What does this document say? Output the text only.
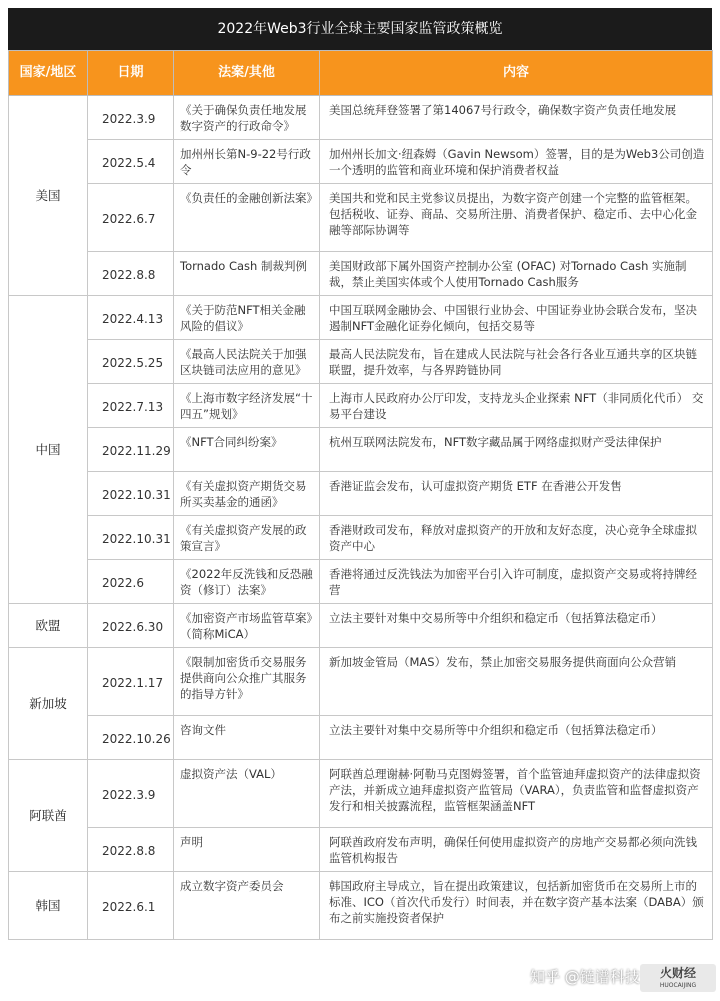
2022年Web3行业全球主要国家监管政策概览
国家/地区	日期	法案/其他	内容
美国	2022.3.9	《关于确保负责任地发展数字资产的行政命令》	美国总统拜登签署了第14067号行政令，确保数字资产负责任地发展
	2022.5.4	加州州长第N-9-22号行政令	加州州长加文·纽森姆（Gavin Newsom）签署，目的是为Web3公司创造一个透明的监管和商业环境和保护消费者权益
	2022.6.7	《负责任的金融创新法案》	美国共和党和民主党参议员提出，为数字资产创建一个完整的监管框架。包括税收、证券、商品、交易所注册、消费者保护、稳定币、去中心化金融等部际协调等
	2022.8.8	Tornado Cash 制裁判例	美国财政部下属外国资产控制办公室 (OFAC) 对Tornado Cash 实施制裁，禁止美国实体或个人使用Tornado Cash服务
中国	2022.4.13	《关于防范NFT相关金融风险的倡议》	中国互联网金融协会、中国银行业协会、中国证券业协会联合发布，坚决遏制NFT金融化证券化倾向，包括交易等
	2022.5.25	《最高人民法院关于加强区块链司法应用的意见》	最高人民法院发布，旨在建成人民法院与社会各行各业互通共享的区块链联盟，提升效率，与各界跨链协同
	2022.7.13	《上海市数字经济发展“十四五”规划》	上海市人民政府办公厅印发，支持龙头企业探索 NFT（非同质化代币） 交易平台建设
	2022.11.29	《NFT合同纠纷案》	杭州互联网法院发布，NFT数字藏品属于网络虚拟财产受法律保护
	2022.10.31	《有关虚拟资产期货交易所买卖基金的通函》	香港证监会发布，认可虚拟资产期货 ETF 在香港公开发售
	2022.10.31	《有关虚拟资产发展的政策宣言》	香港财政司发布，释放对虚拟资产的开放和友好态度，决心竞争全球虚拟资产中心
	2022.6	《2022年反洗钱和反恐融资（修订）法案》	香港将通过反洗钱法为加密平台引入许可制度，虚拟资产交易或将持牌经营
欧盟	2022.6.30	《加密资产市场监管草案》（简称MiCA）	立法主要针对集中交易所等中介组织和稳定币（包括算法稳定币）
新加坡	2022.1.17	《限制加密货币交易服务提供商向公众推广其服务的指导方针》	新加坡金管局（MAS）发布，禁止加密交易服务提供商面向公众营销
	2022.10.26	咨询文件	立法主要针对集中交易所等中介组织和稳定币（包括算法稳定币）
阿联酋	2022.3.9	虚拟资产法（VAL）	阿联酋总理谢赫·阿勒马克图姆签署，首个监管迪拜虚拟资产的法律虚拟资产法，并新成立迪拜虚拟资产监管局（VARA），负责监管和监督虚拟资产发行和相关披露流程，监管框架涵盖NFT
	2022.8.8	声明	阿联酋政府发布声明，确保任何使用虚拟资产的房地产交易都必须向洗钱监管机构报告
韩国	2022.6.1	成立数字资产委员会	韩国政府主导成立，旨在提出政策建议，包括新加密货币在交易所上市的标准、ICO（首次代币发行）时间表，并在数字资产基本法案（DABA）颁布之前实施投资者保护
知乎 @链谱科技	火财经
HUOCAIJING
